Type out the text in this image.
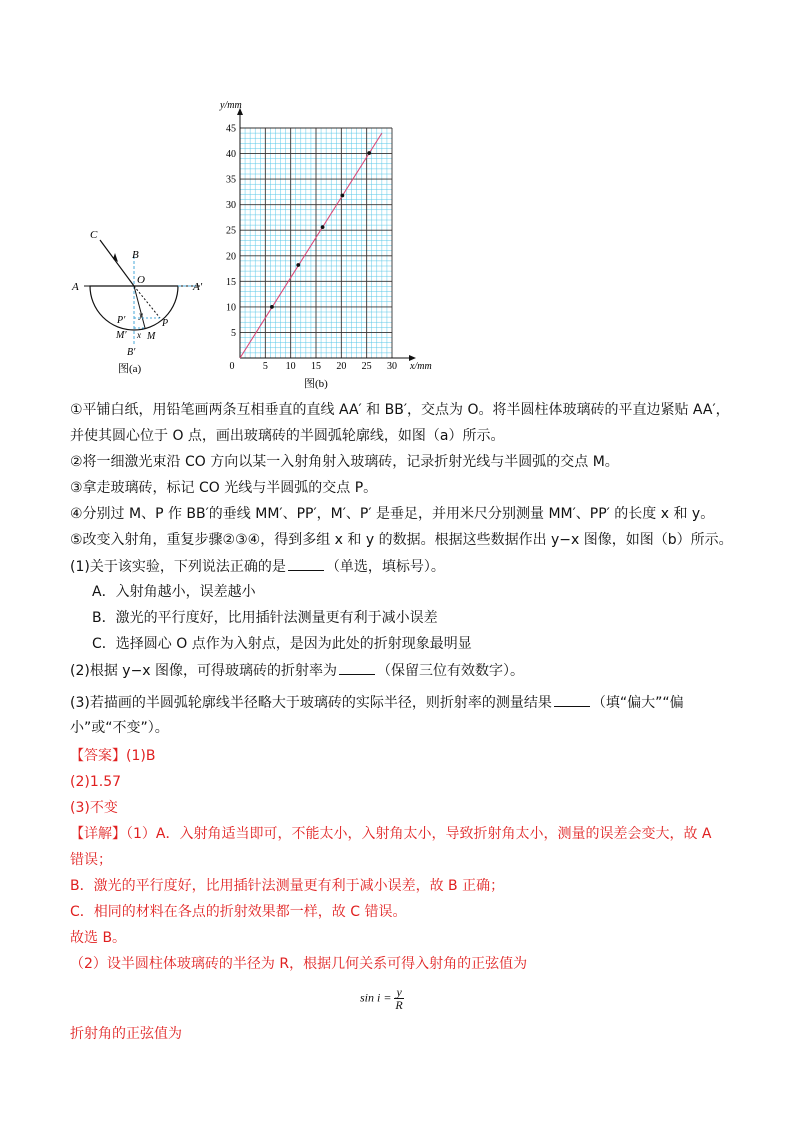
C
B
O
A	A′
P
P′
M
M′ x
y
B′
图(a)	0	5 10 15 20 25 30
5
10
15
20
25
30
35
40
45
y/mm
x/mm
图(b)
①平铺白纸，用铅笔画两条互相垂直的直线 AA′ 和 BB′，交点为 O。将半圆柱体玻璃砖的平直边紧贴 AA′，
并使其圆心位于 O 点，画出玻璃砖的半圆弧轮廓线，如图（a）所示。
②将一细激光束沿 CO 方向以某一入射角射入玻璃砖，记录折射光线与半圆弧的交点 M。
③拿走玻璃砖，标记 CO 光线与半圆弧的交点 P。
④分别过 M、P 作 BB′的垂线 MM′、PP′，M′、P′ 是垂足，并用米尺分别测量 MM′、PP′ 的长度 x 和 y。
⑤改变入射角，重复步骤②③④，得到多组 x 和 y 的数据。根据这些数据作出 y−x 图像，如图（b）所示。
(1)关于该实验，下列说法正确的是	（单选，填标号）。
A．入射角越小，误差越小
B．激光的平行度好，比用插针法测量更有利于减小误差
C．选择圆心 O 点作为入射点，是因为此处的折射现象最明显
(2)根据 y−x 图像，可得玻璃砖的折射率为	（保留三位有效数字）。
(3)若描画的半圆弧轮廓线半径略大于玻璃砖的实际半径，则折射率的测量结果	（填“偏大”“偏
小”或“不变”）。
【答案】(1)B
(2)1.57
(3)不变
【详解】（1）A．入射角适当即可，不能太小，入射角太小，导致折射角太小，测量的误差会变大，故 A
错误；
B．激光的平行度好，比用插针法测量更有利于减小误差，故 B 正确；
C．相同的材料在各点的折射效果都一样，故 C 错误。
故选 B。
（2）设半圆柱体玻璃砖的半径为 R，根据几何关系可得入射角的正弦值为
$\sin i = \frac{y}{R}$
折射角的正弦值为
